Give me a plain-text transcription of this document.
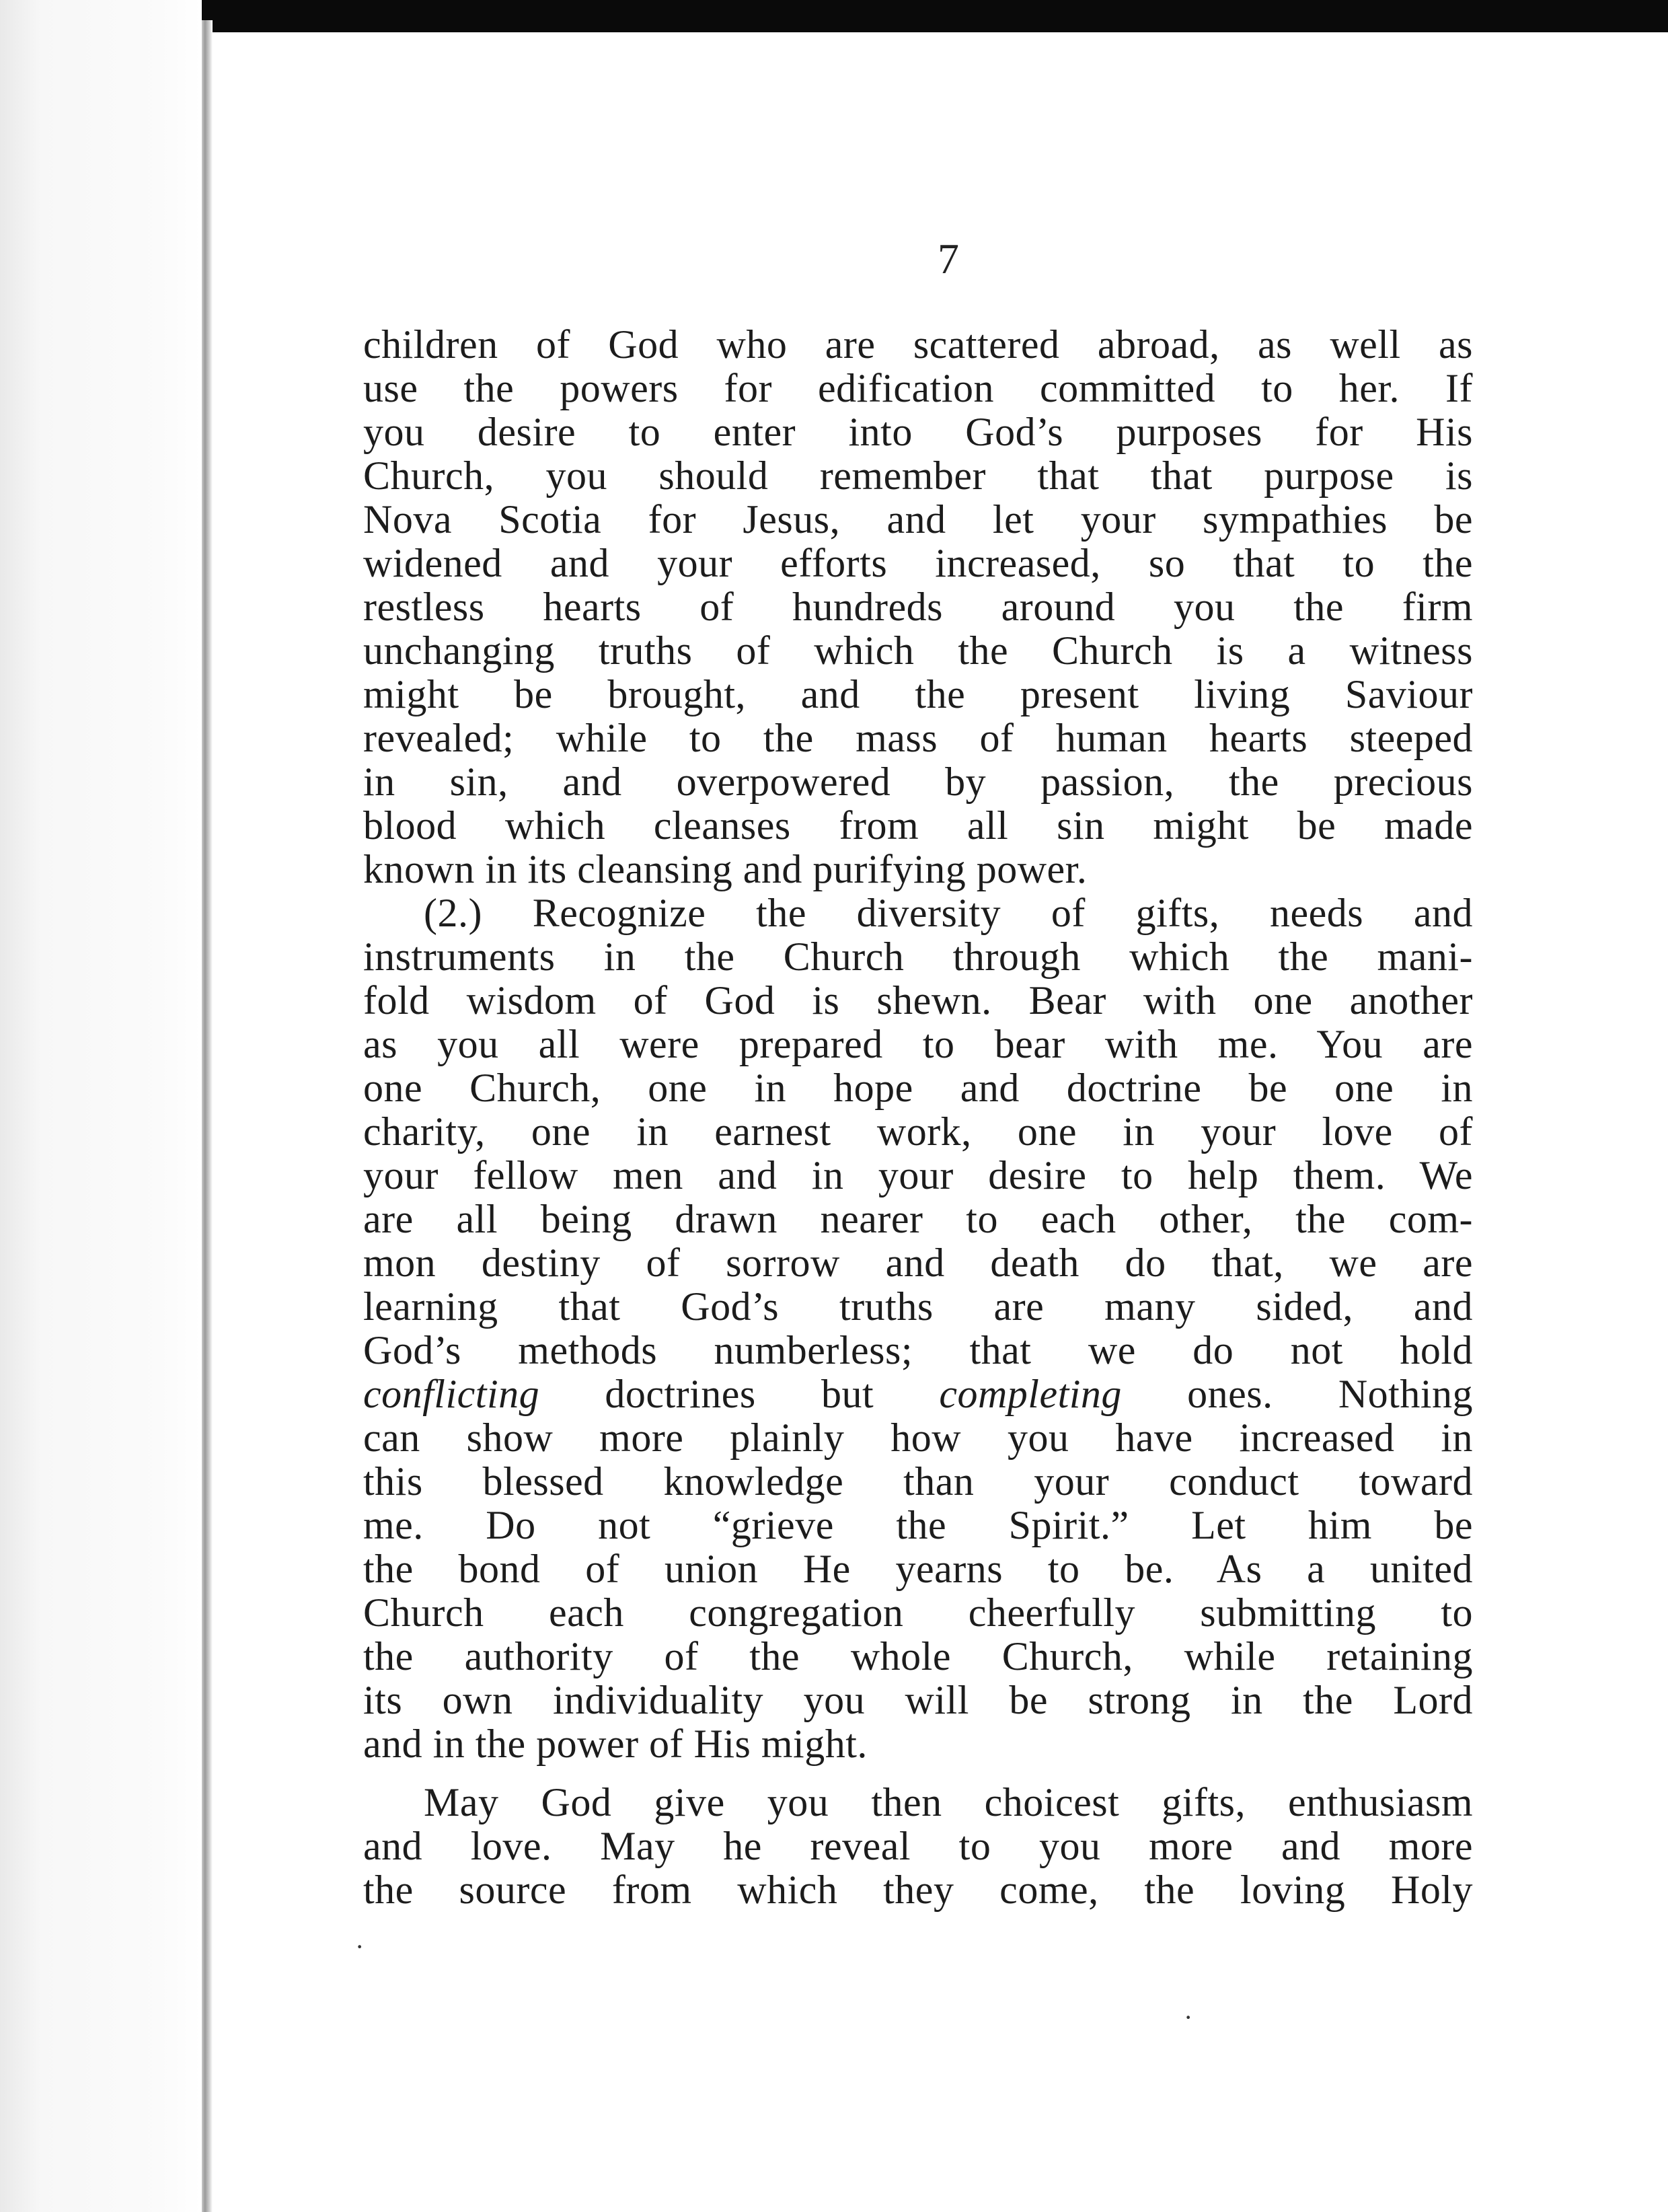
7
children of God who are scattered abroad, as well as
use the powers for edification committed to her. If
you desire to enter into God’s purposes for His
Church, you should remember that that purpose is
Nova Scotia for Jesus, and let your sympathies be
widened and your efforts increased, so that to the
restless hearts of hundreds around you the firm
unchanging truths of which the Church is a witness
might be brought, and the present living Saviour
revealed; while to the mass of human hearts steeped
in sin, and overpowered by passion, the precious
blood which cleanses from all sin might be made
known in its cleansing and purifying power.
(2.) Recognize the diversity of gifts, needs and
instruments in the Church through which the mani-
fold wisdom of God is shewn. Bear with one another
as you all were prepared to bear with me. You are
one Church, one in hope and doctrine be one in
charity, one in earnest work, one in your love of
your fellow men and in your desire to help them. We
are all being drawn nearer to each other, the com-
mon destiny of sorrow and death do that, we are
learning that God’s truths are many sided, and
God’s methods numberless; that we do not hold
conflicting doctrines but completing ones. Nothing
can show more plainly how you have increased in
this blessed knowledge than your conduct toward
me. Do not “grieve the Spirit.” Let him be
the bond of union He yearns to be. As a united
Church each congregation cheerfully submitting to
the authority of the whole Church, while retaining
its own individuality you will be strong in the Lord
and in the power of His might.
May God give you then choicest gifts, enthusiasm
and love. May he reveal to you more and more
the source from which they come, the loving Holy
·
·
